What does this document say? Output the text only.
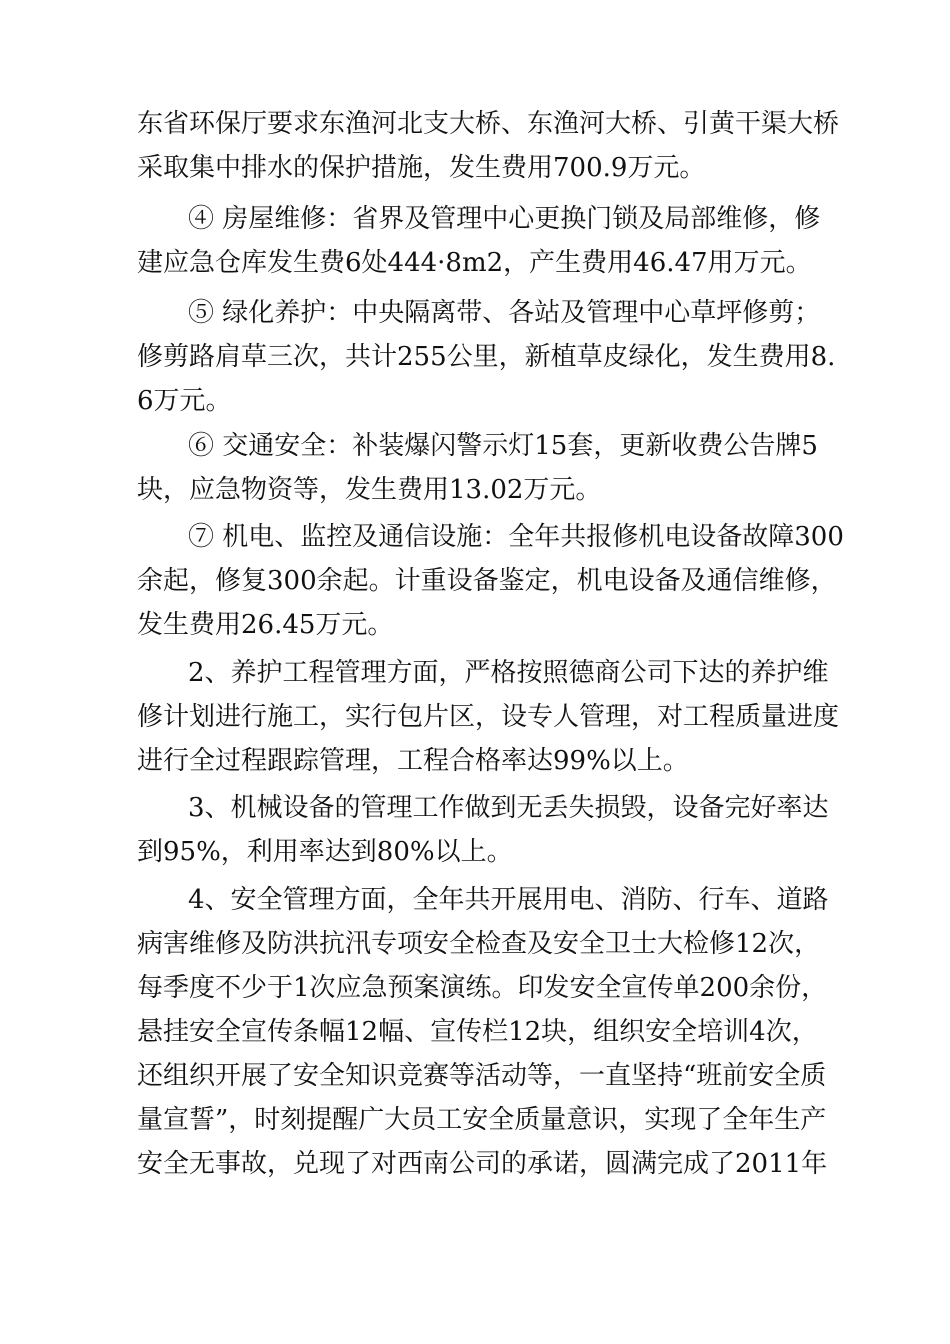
东省环保厅要求东渔河北支大桥、东渔河大桥、引黄干渠大桥
采取集中排水的保护措施，发生费用700.9万元。
④ 房屋维修：省界及管理中心更换门锁及局部维修，修
建应急仓库发生费6处444·8m2，产生费用46.47用万元。
⑤ 绿化养护：中央隔离带、各站及管理中心草坪修剪；
修剪路肩草三次，共计255公里，新植草皮绿化，发生费用8.
6万元。
⑥ 交通安全：补装爆闪警示灯15套，更新收费公告牌5
块，应急物资等，发生费用13.02万元。
⑦ 机电、监控及通信设施：全年共报修机电设备故障300
余起，修复300余起。计重设备鉴定，机电设备及通信维修，
发生费用26.45万元。
2、养护工程管理方面，严格按照德商公司下达的养护维
修计划进行施工，实行包片区，设专人管理，对工程质量进度
进行全过程跟踪管理，工程合格率达99%以上。
3、机械设备的管理工作做到无丢失损毁，设备完好率达
到95%，利用率达到80%以上。
4、安全管理方面，全年共开展用电、消防、行车、道路
病害维修及防洪抗汛专项安全检查及安全卫士大检修12次，
每季度不少于1次应急预案演练。印发安全宣传单200余份，
悬挂安全宣传条幅12幅、宣传栏12块，组织安全培训4次，
还组织开展了安全知识竞赛等活动等，一直坚持“班前安全质
量宣誓”，时刻提醒广大员工安全质量意识，实现了全年生产
安全无事故，兑现了对西南公司的承诺，圆满完成了2011年
